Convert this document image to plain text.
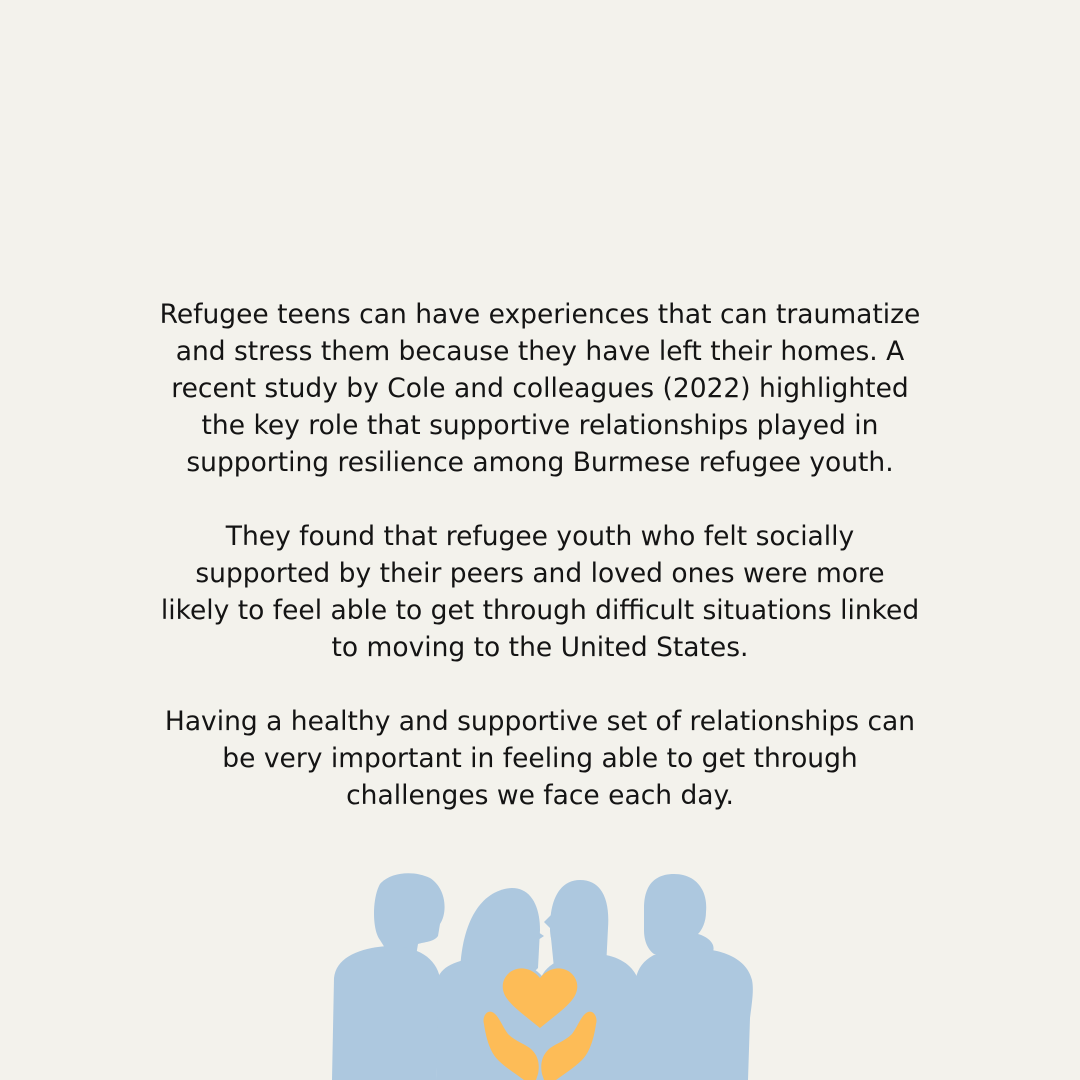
Refugee teens can have experiences that can traumatize
and stress them because they have left their homes. A
recent study by Cole and colleagues (2022) highlighted
the key role that supportive relationships played in
supporting resilience among Burmese refugee youth.

They found that refugee youth who felt socially
supported by their peers and loved ones were more
likely to feel able to get through difficult situations linked
to moving to the United States.

Having a healthy and supportive set of relationships can
be very important in feeling able to get through
challenges we face each day.
